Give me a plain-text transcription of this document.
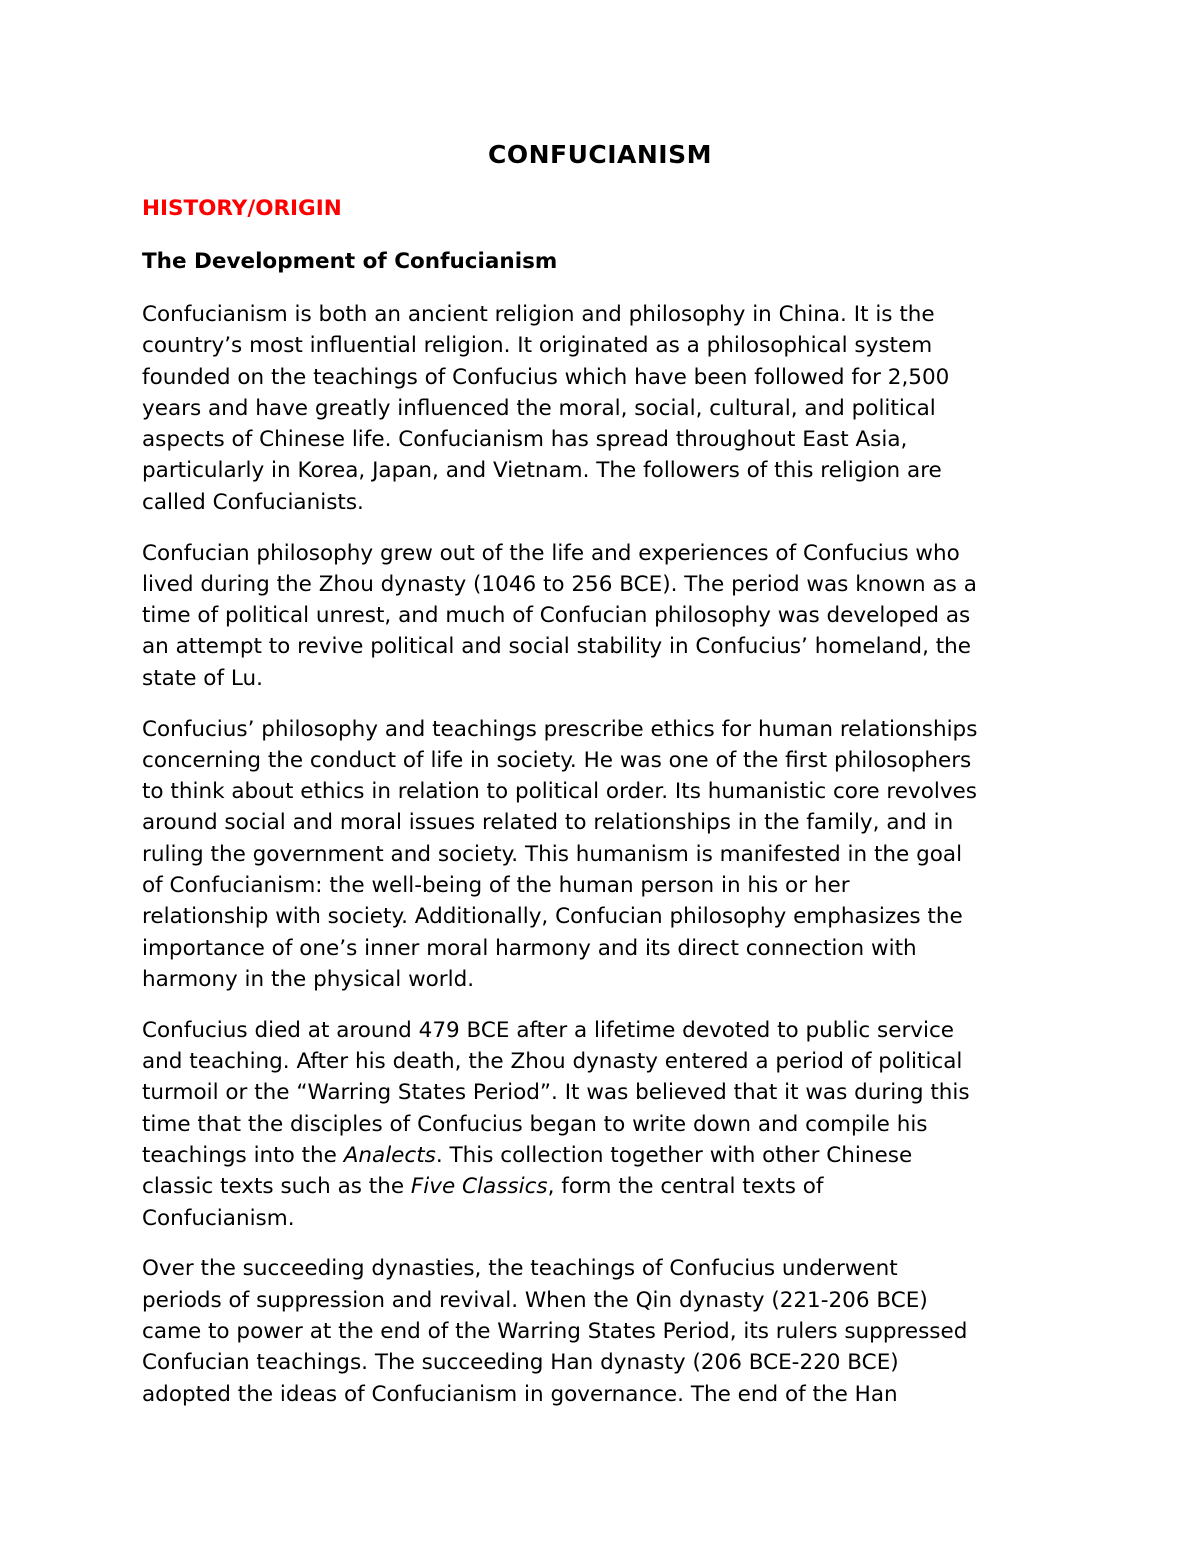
CONFUCIANISM
HISTORY/ORIGIN
The Development of Confucianism

Confucianism is both an ancient religion and philosophy in China. It is the
country’s most influential religion. It originated as a philosophical system
founded on the teachings of Confucius which have been followed for 2,500
years and have greatly influenced the moral, social, cultural, and political
aspects of Chinese life. Confucianism has spread throughout East Asia,
particularly in Korea, Japan, and Vietnam. The followers of this religion are
called Confucianists.

Confucian philosophy grew out of the life and experiences of Confucius who
lived during the Zhou dynasty (1046 to 256 BCE). The period was known as a
time of political unrest, and much of Confucian philosophy was developed as
an attempt to revive political and social stability in Confucius’ homeland, the
state of Lu.

Confucius’ philosophy and teachings prescribe ethics for human relationships
concerning the conduct of life in society. He was one of the first philosophers
to think about ethics in relation to political order. Its humanistic core revolves
around social and moral issues related to relationships in the family, and in
ruling the government and society. This humanism is manifested in the goal
of Confucianism: the well-being of the human person in his or her
relationship with society. Additionally, Confucian philosophy emphasizes the
importance of one’s inner moral harmony and its direct connection with
harmony in the physical world.

Confucius died at around 479 BCE after a lifetime devoted to public service
and teaching. After his death, the Zhou dynasty entered a period of political
turmoil or the “Warring States Period”. It was believed that it was during this
time that the disciples of Confucius began to write down and compile his
teachings into the Analects. This collection together with other Chinese
classic texts such as the Five Classics, form the central texts of
Confucianism.

Over the succeeding dynasties, the teachings of Confucius underwent
periods of suppression and revival. When the Qin dynasty (221-206 BCE)
came to power at the end of the Warring States Period, its rulers suppressed
Confucian teachings. The succeeding Han dynasty (206 BCE-220 BCE)
adopted the ideas of Confucianism in governance. The end of the Han
